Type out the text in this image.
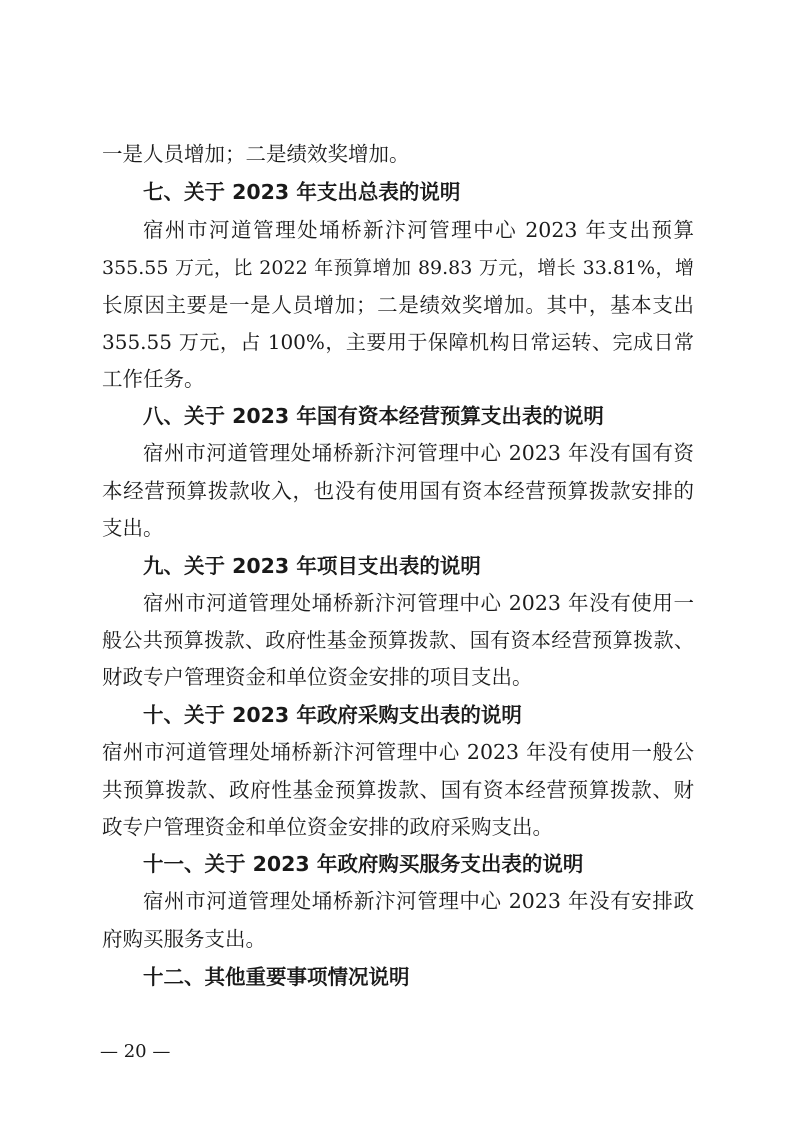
一是人员增加；二是绩效奖增加。
七、关于 2023 年支出总表的说明
宿州市河道管理处埇桥新汴河管理中心 2023 年支出预算
355.55 万元，比 2022 年预算增加 89.83 万元，增长 33.81%，增
长原因主要是一是人员增加；二是绩效奖增加。其中，基本支出
355.55 万元，占 100%，主要用于保障机构日常运转、完成日常
工作任务。
八、关于 2023 年国有资本经营预算支出表的说明
宿州市河道管理处埇桥新汴河管理中心 2023 年没有国有资
本经营预算拨款收入，也没有使用国有资本经营预算拨款安排的
支出。
九、关于 2023 年项目支出表的说明
宿州市河道管理处埇桥新汴河管理中心 2023 年没有使用一
般公共预算拨款、政府性基金预算拨款、国有资本经营预算拨款、
财政专户管理资金和单位资金安排的项目支出。
十、关于 2023 年政府采购支出表的说明
宿州市河道管理处埇桥新汴河管理中心 2023 年没有使用一般公
共预算拨款、政府性基金预算拨款、国有资本经营预算拨款、财
政专户管理资金和单位资金安排的政府采购支出。
十一、关于 2023 年政府购买服务支出表的说明
宿州市河道管理处埇桥新汴河管理中心 2023 年没有安排政
府购买服务支出。
十二、其他重要事项情况说明
— 20 —
